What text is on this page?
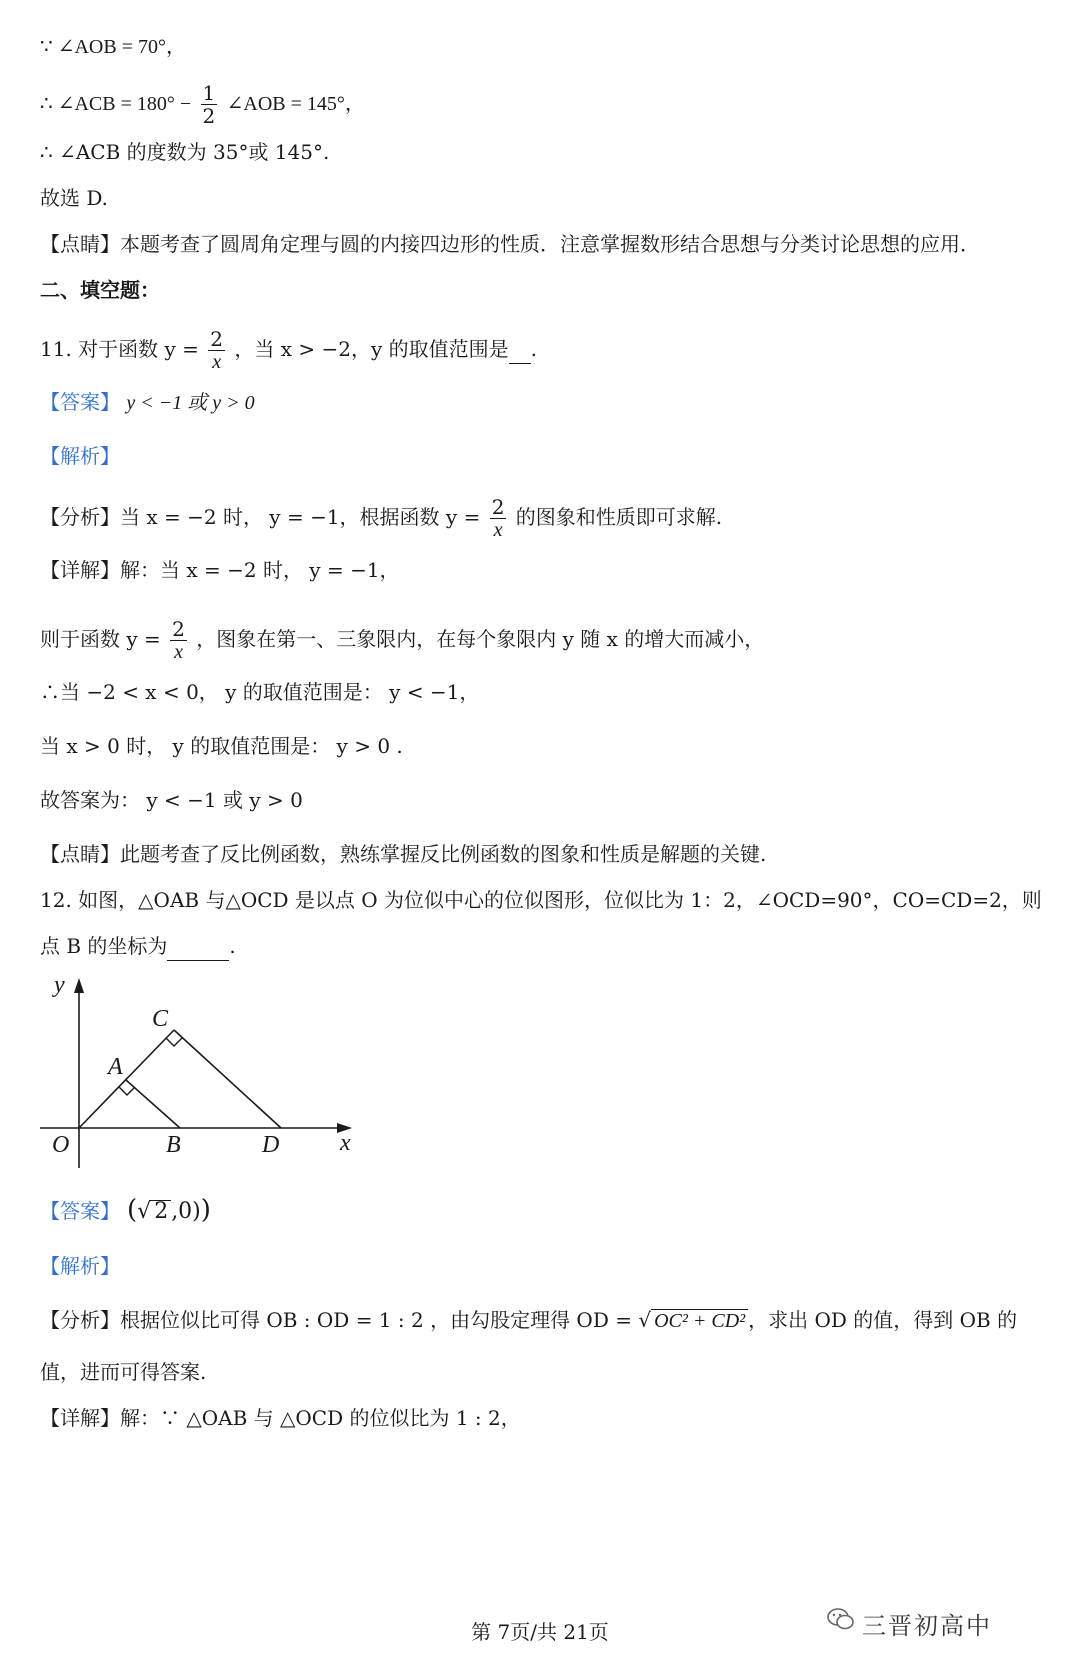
∵ ∠AOB = 70°，
∴ ∠ACB = $180^\circ - \frac{1}{2}$ ∠AOB = 145°，
∴ ∠ACB 的度数为 35°或 145°.
故选 D.
【点睛】本题考查了圆周角定理与圆的内接四边形的性质．注意掌握数形结合思想与分类讨论思想的应用．
二、填空题：
11. 对于函数 $y = \frac{2}{x}$ ，当 x > −2，y 的取值范围是 .
【答案】 y < −1 或 y > 0
【解析】
【分析】当 x = −2 时， y = −1，根据函数 $y = \frac{2}{x}$ 的图象和性质即可求解.
【详解】解：当 x = −2 时， y = −1，
则于函数 $y = \frac{2}{x}$ ，图象在第一、三象限内，在每个象限内 y 随 x 的增大而减小，
∴当 −2 < x < 0， y 的取值范围是： y < −1，
当 x > 0 时， y 的取值范围是： y > 0 .
故答案为： y < −1 或 y > 0
【点睛】此题考查了反比例函数，熟练掌握反比例函数的图象和性质是解题的关键.
12. 如图，△OAB 与△OCD 是以点 O 为位似中心的位似图形，位似比为 1：2，∠OCD=90°，CO=CD=2，则
点 B 的坐标为	.
y
x
O
A
B
C
D
【答案】 (√ 2 ,0))
【解析】
【分析】根据位似比可得 OB : OD = 1 : 2 ，由勾股定理得 OD = √ OC² + CD² ，求出 OD 的值，得到 OB 的
值，进而可得答案.
【详解】解：∵ △OAB 与 △OCD 的位似比为 1 : 2，
第 7页/共 21页	三晋初高中
